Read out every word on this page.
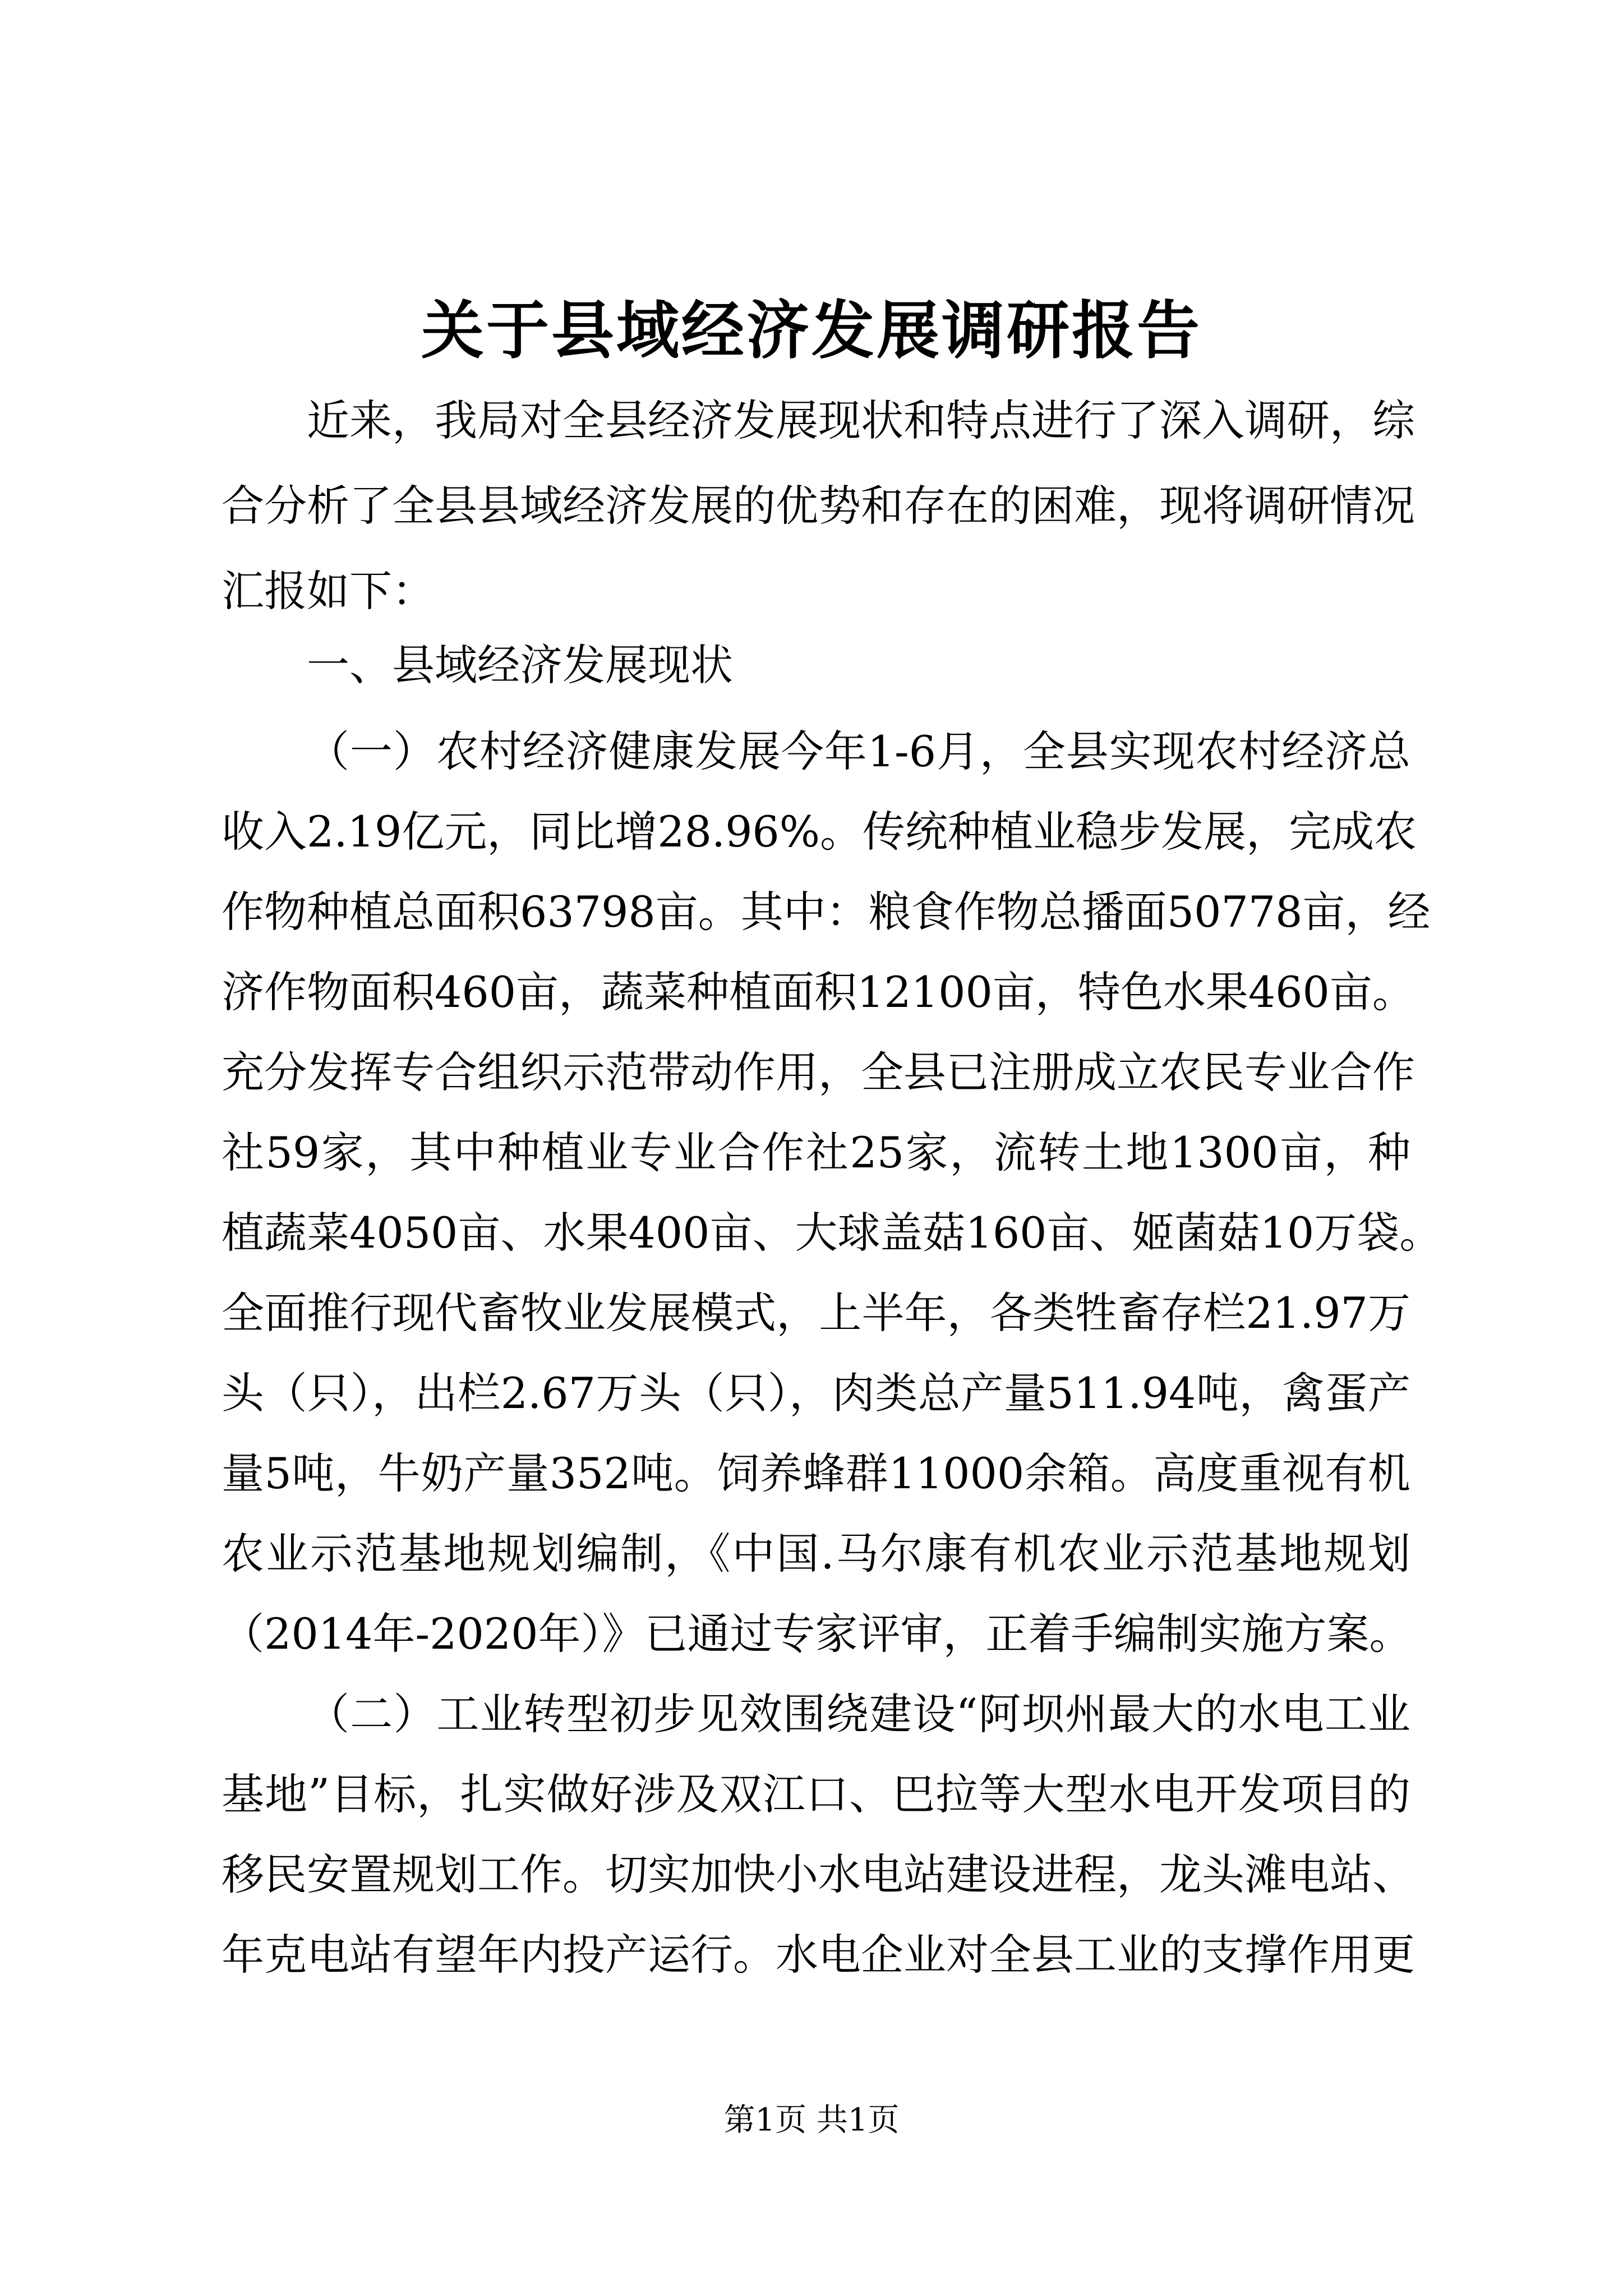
关于县域经济发展调研报告
近来，我局对全县经济发展现状和特点进行了深入调研，综
合分析了全县县域经济发展的优势和存在的困难，现将调研情况
汇报如下：
一、县域经济发展现状
（一）农村经济健康发展今年1-6月，全县实现农村经济总
收入2.19亿元，同比增28.96%。传统种植业稳步发展，完成农
作物种植总面积63798亩。其中：粮食作物总播面50778亩，经
济作物面积460亩，蔬菜种植面积12100亩，特色水果460亩。
充分发挥专合组织示范带动作用，全县已注册成立农民专业合作
社59家，其中种植业专业合作社25家，流转土地1300亩，种
植蔬菜4050亩、水果400亩、大球盖菇160亩、姬菌菇10万袋。
全面推行现代畜牧业发展模式，上半年，各类牲畜存栏21.97万
头（只），出栏2.67万头（只），肉类总产量511.94吨，禽蛋产
量5吨，牛奶产量352吨。饲养蜂群11000余箱。高度重视有机
农业示范基地规划编制，《中国.马尔康有机农业示范基地规划
（2014年-2020年）》已通过专家评审，正着手编制实施方案。
（二）工业转型初步见效围绕建设“阿坝州最大的水电工业
基地”目标，扎实做好涉及双江口、巴拉等大型水电开发项目的
移民安置规划工作。切实加快小水电站建设进程，龙头滩电站、
年克电站有望年内投产运行。水电企业对全县工业的支撑作用更
第1页 共1页
